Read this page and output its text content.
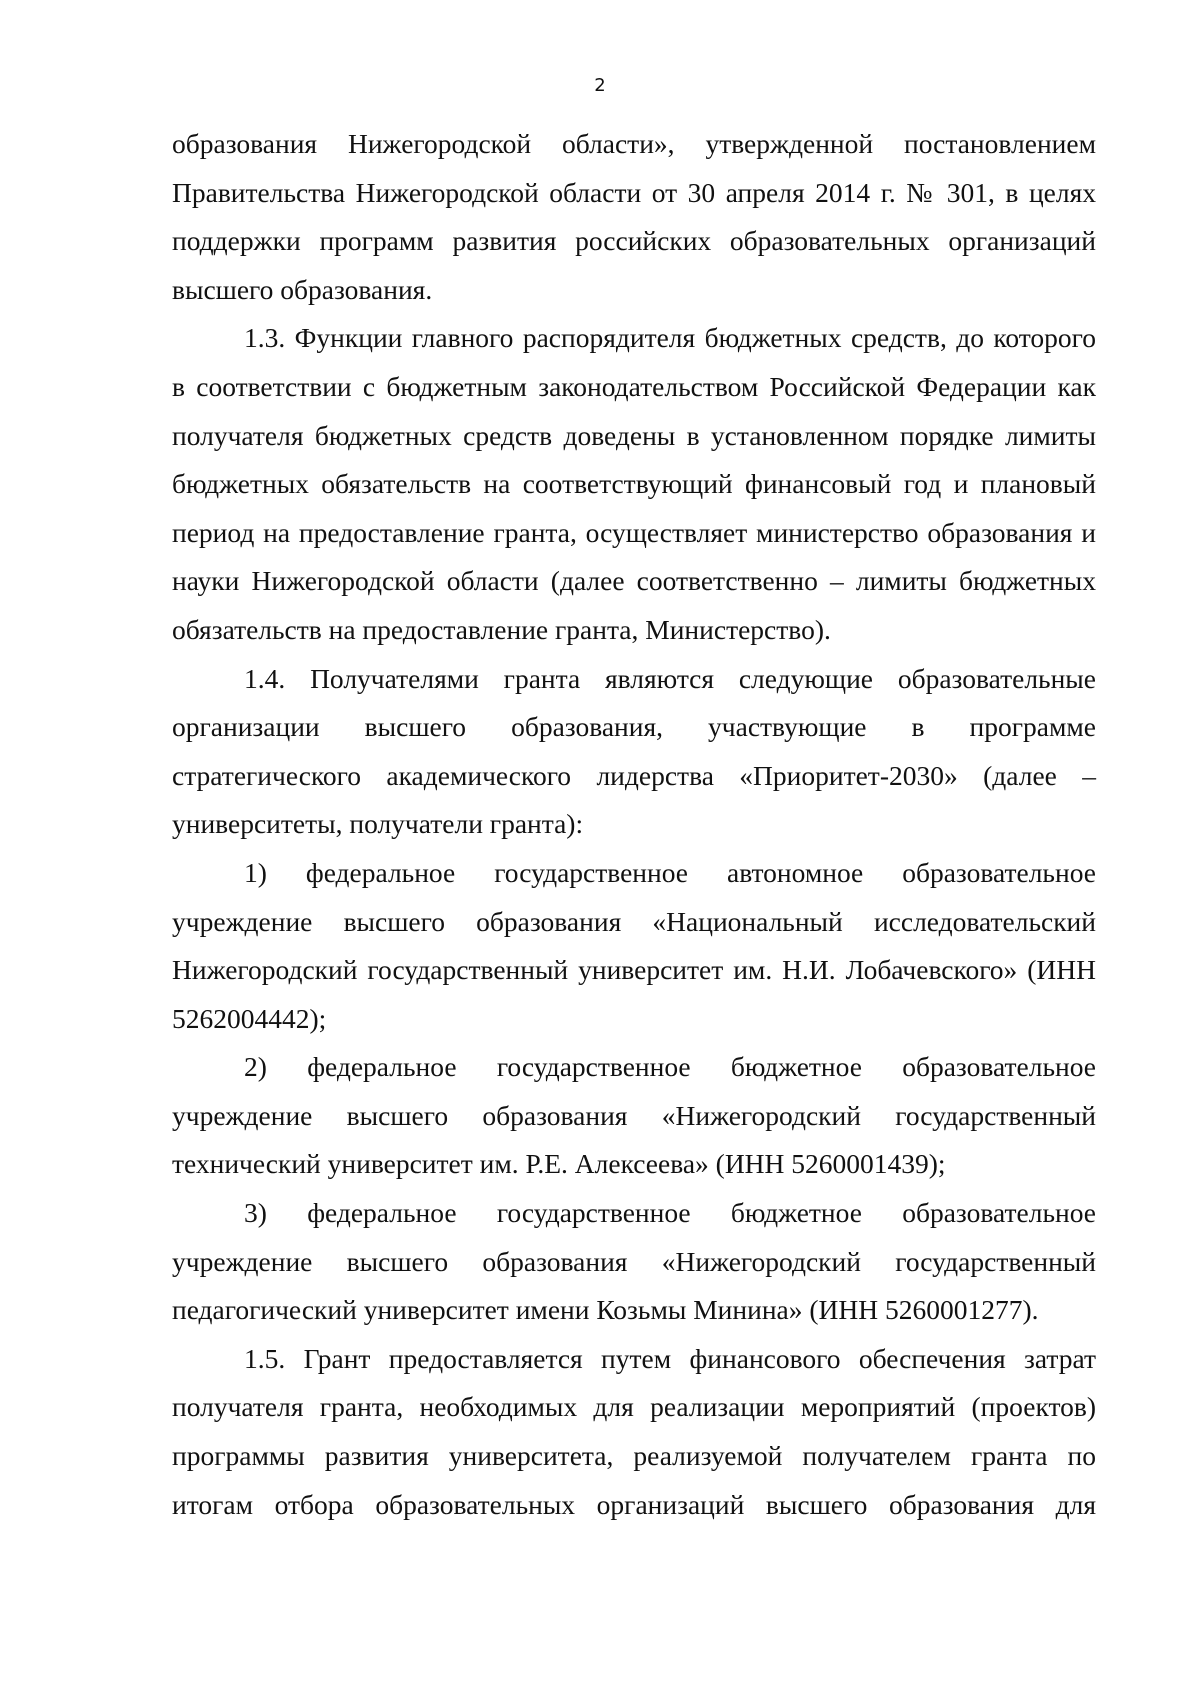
2

образования Нижегородской области», утвержденной постановлением Правительства Нижегородской области от 30 апреля 2014 г. № 301, в целях поддержки программ развития российских образовательных организаций высшего образования.

1.3. Функции главного распорядителя бюджетных средств, до которого в соответствии с бюджетным законодательством Российской Федерации как получателя бюджетных средств доведены в установленном порядке лимиты бюджетных обязательств на соответствующий финансовый год и плановый период на предоставление гранта, осуществляет министерство образования и науки Нижегородской области (далее соответственно – лимиты бюджетных обязательств на предоставление гранта, Министерство).

1.4. Получателями гранта являются следующие образовательные организации высшего образования, участвующие в программе стратегического академического лидерства «Приоритет-2030» (далее – университеты, получатели гранта):

1) федеральное государственное автономное образовательное учреждение высшего образования «Национальный исследовательский Нижегородский государственный университет им. Н.И. Лобачевского» (ИНН 5262004442);

2) федеральное государственное бюджетное образовательное учреждение высшего образования «Нижегородский государственный технический университет им. Р.Е. Алексеева» (ИНН 5260001439);

3) федеральное государственное бюджетное образовательное учреждение высшего образования «Нижегородский государственный педагогический университет имени Козьмы Минина» (ИНН 5260001277).

1.5. Грант предоставляется путем финансового обеспечения затрат получателя гранта, необходимых для реализации мероприятий (проектов) программы развития университета, реализуемой получателем гранта по итогам отбора образовательных организаций высшего образования для
